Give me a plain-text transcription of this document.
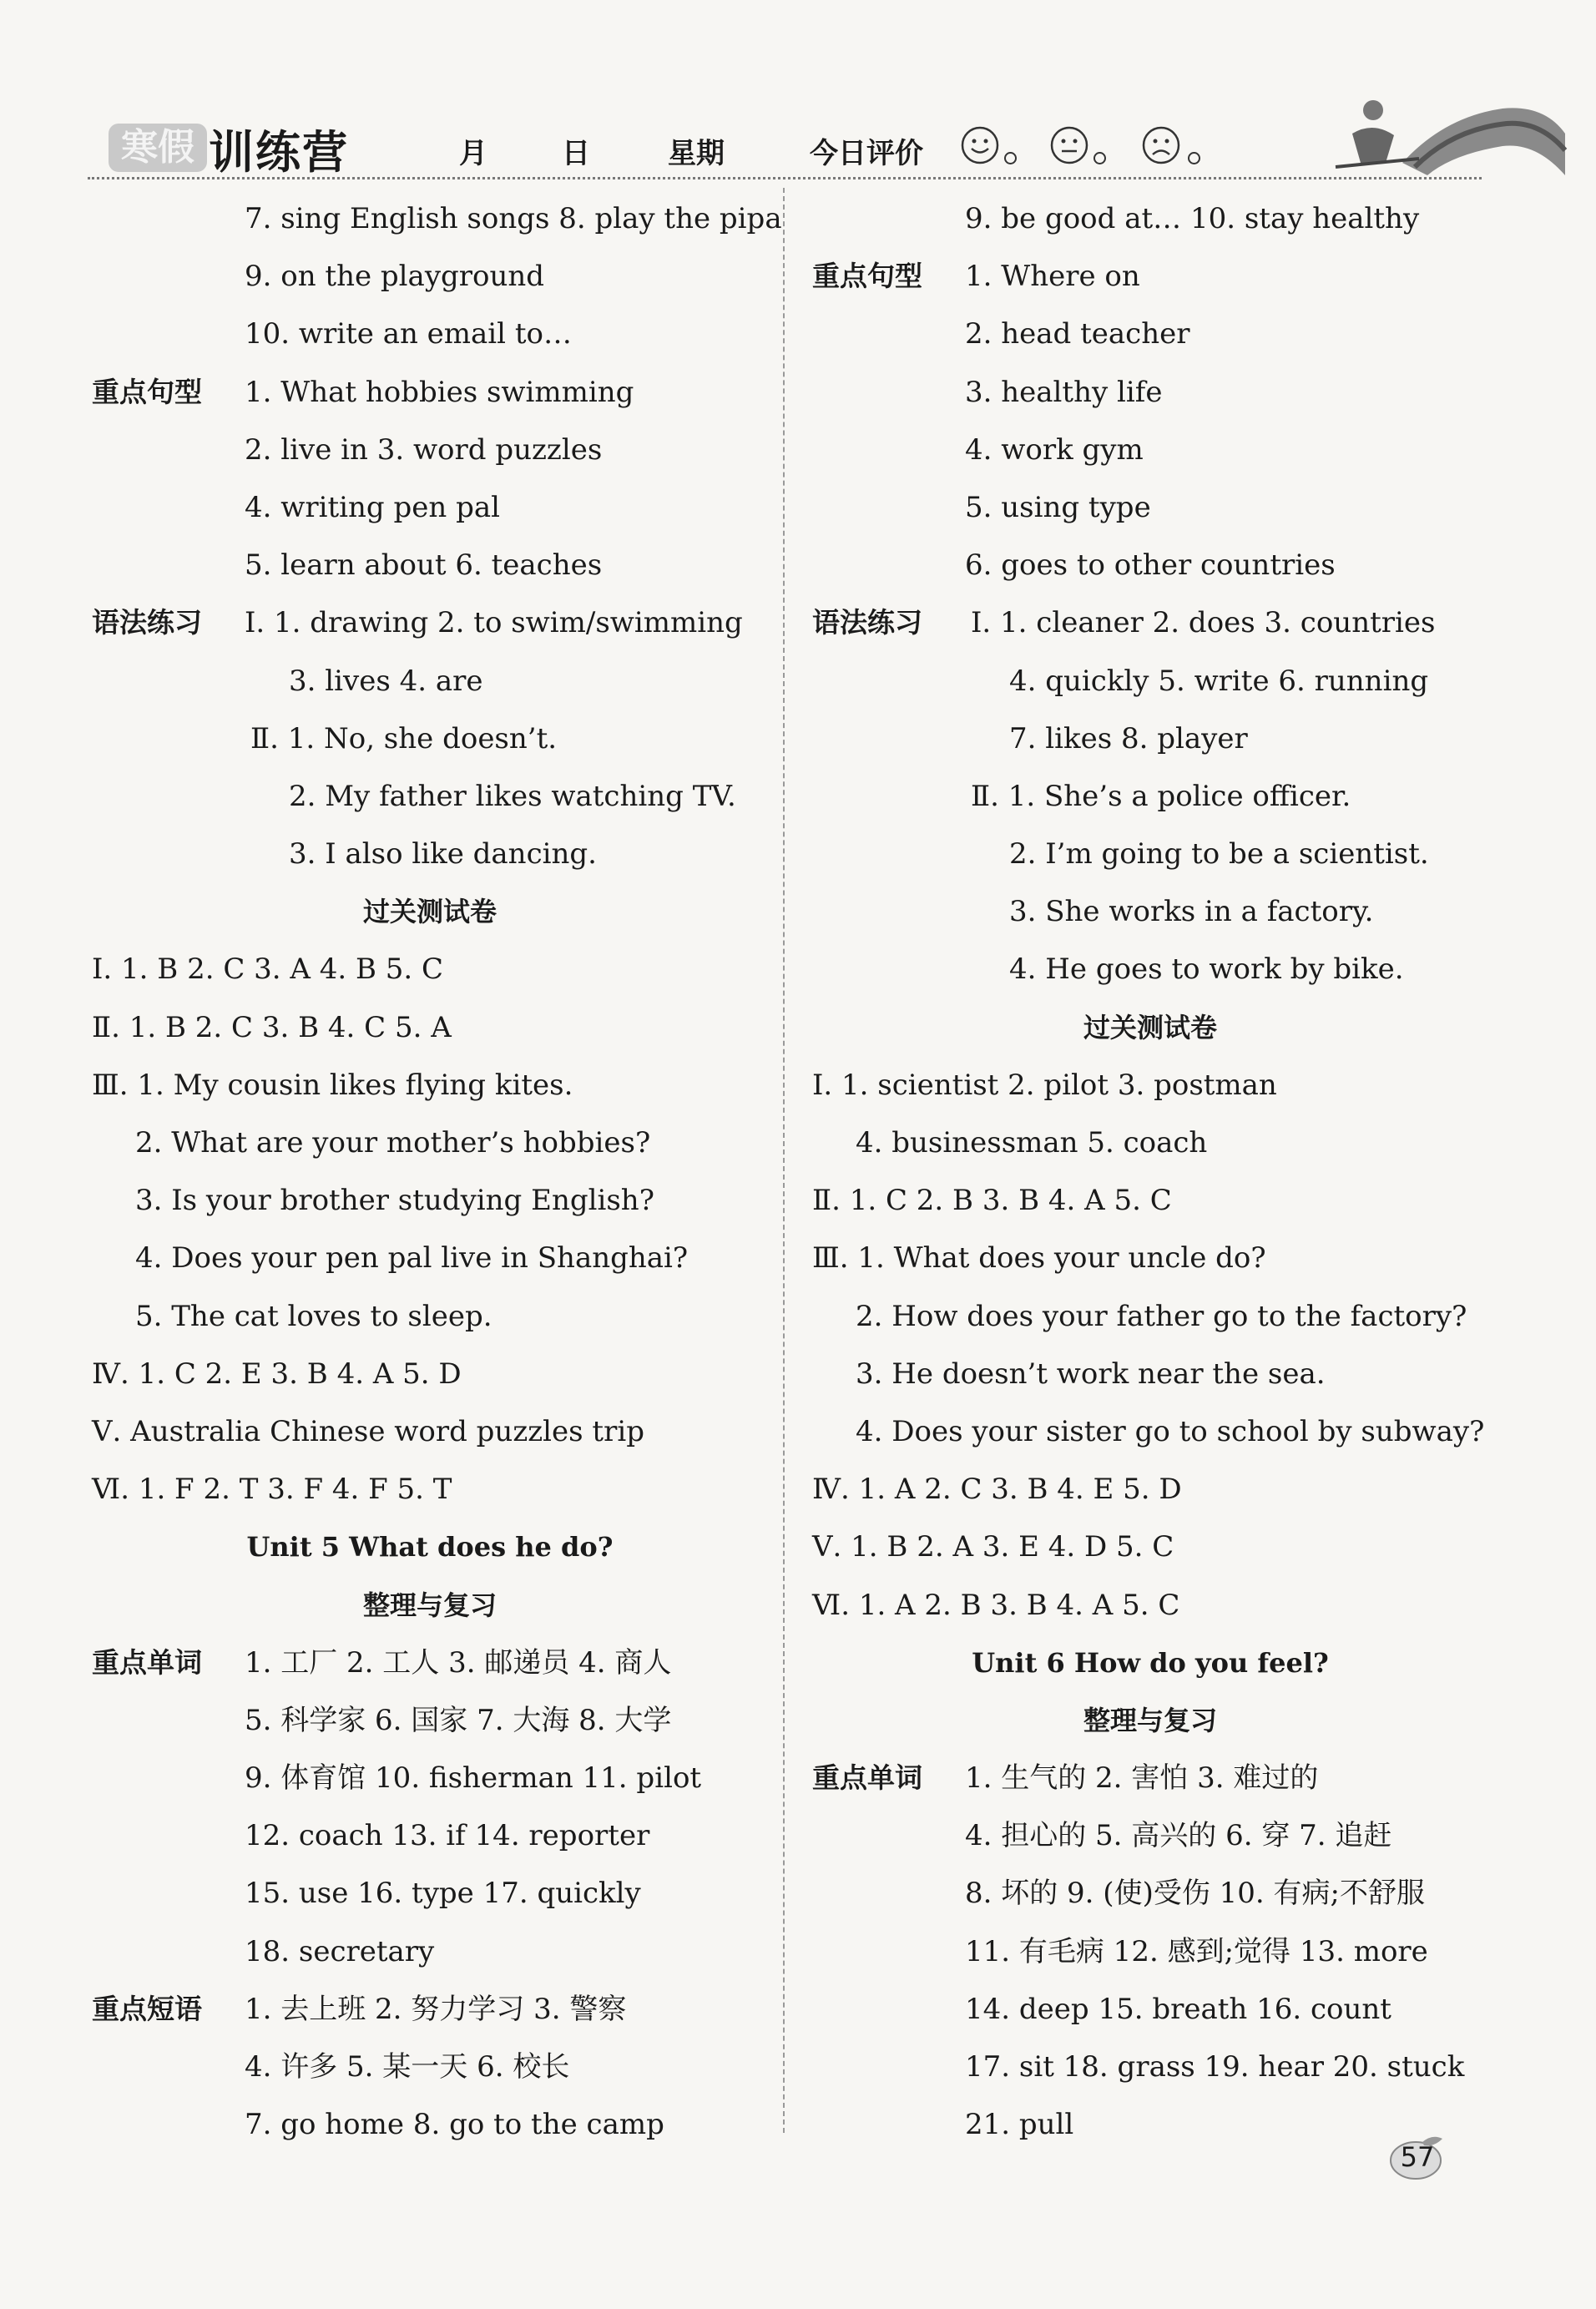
寒假 训练营	月	日	星期	今日评价
7. sing English songs 8. play the pipa
9. on the playground
10. write an email to…
重点句型 1. What hobbies swimming
2. live in 3. word puzzles
4. writing pen pal
5. learn about 6. teaches
语法练习 Ⅰ. 1. drawing 2. to swim/swimming
3. lives 4. are
Ⅱ. 1. No, she doesn’t.
2. My father likes watching TV.
3. I also like dancing.
过关测试卷
Ⅰ. 1. B 2. C 3. A 4. B 5. C
Ⅱ. 1. B 2. C 3. B 4. C 5. A
Ⅲ. 1. My cousin likes flying kites.
2. What are your mother’s hobbies?
3. Is your brother studying English?
4. Does your pen pal live in Shanghai?
5. The cat loves to sleep.
Ⅳ. 1. C 2. E 3. B 4. A 5. D
Ⅴ. Australia Chinese word puzzles trip
Ⅵ. 1. F 2. T 3. F 4. F 5. T
Unit 5 What does he do?
整理与复习
重点单词 1. 工厂 2. 工人 3. 邮递员 4. 商人
5. 科学家 6. 国家 7. 大海 8. 大学
9. 体育馆 10. fisherman 11. pilot
12. coach 13. if 14. reporter
15. use 16. type 17. quickly
18. secretary
重点短语 1. 去上班 2. 努力学习 3. 警察
4. 许多 5. 某一天 6. 校长
7. go home 8. go to the camp
9. be good at… 10. stay healthy
重点句型 1. Where on
2. head teacher
3. healthy life
4. work gym
5. using type
6. goes to other countries
语法练习 Ⅰ. 1. cleaner 2. does 3. countries
4. quickly 5. write 6. running
7. likes 8. player
Ⅱ. 1. She’s a police officer.
2. I’m going to be a scientist.
3. She works in a factory.
4. He goes to work by bike.
过关测试卷
Ⅰ. 1. scientist 2. pilot 3. postman
4. businessman 5. coach
Ⅱ. 1. C 2. B 3. B 4. A 5. C
Ⅲ. 1. What does your uncle do?
2. How does your father go to the factory?
3. He doesn’t work near the sea.
4. Does your sister go to school by subway?
Ⅳ. 1. A 2. C 3. B 4. E 5. D
Ⅴ. 1. B 2. A 3. E 4. D 5. C
Ⅵ. 1. A 2. B 3. B 4. A 5. C
Unit 6 How do you feel?
整理与复习
重点单词 1. 生气的 2. 害怕 3. 难过的
4. 担心的 5. 高兴的 6. 穿 7. 追赶
8. 坏的 9. (使)受伤 10. 有病;不舒服
11. 有毛病 12. 感到;觉得 13. more
14. deep 15. breath 16. count
17. sit 18. grass 19. hear 20. stuck
21. pull
57
